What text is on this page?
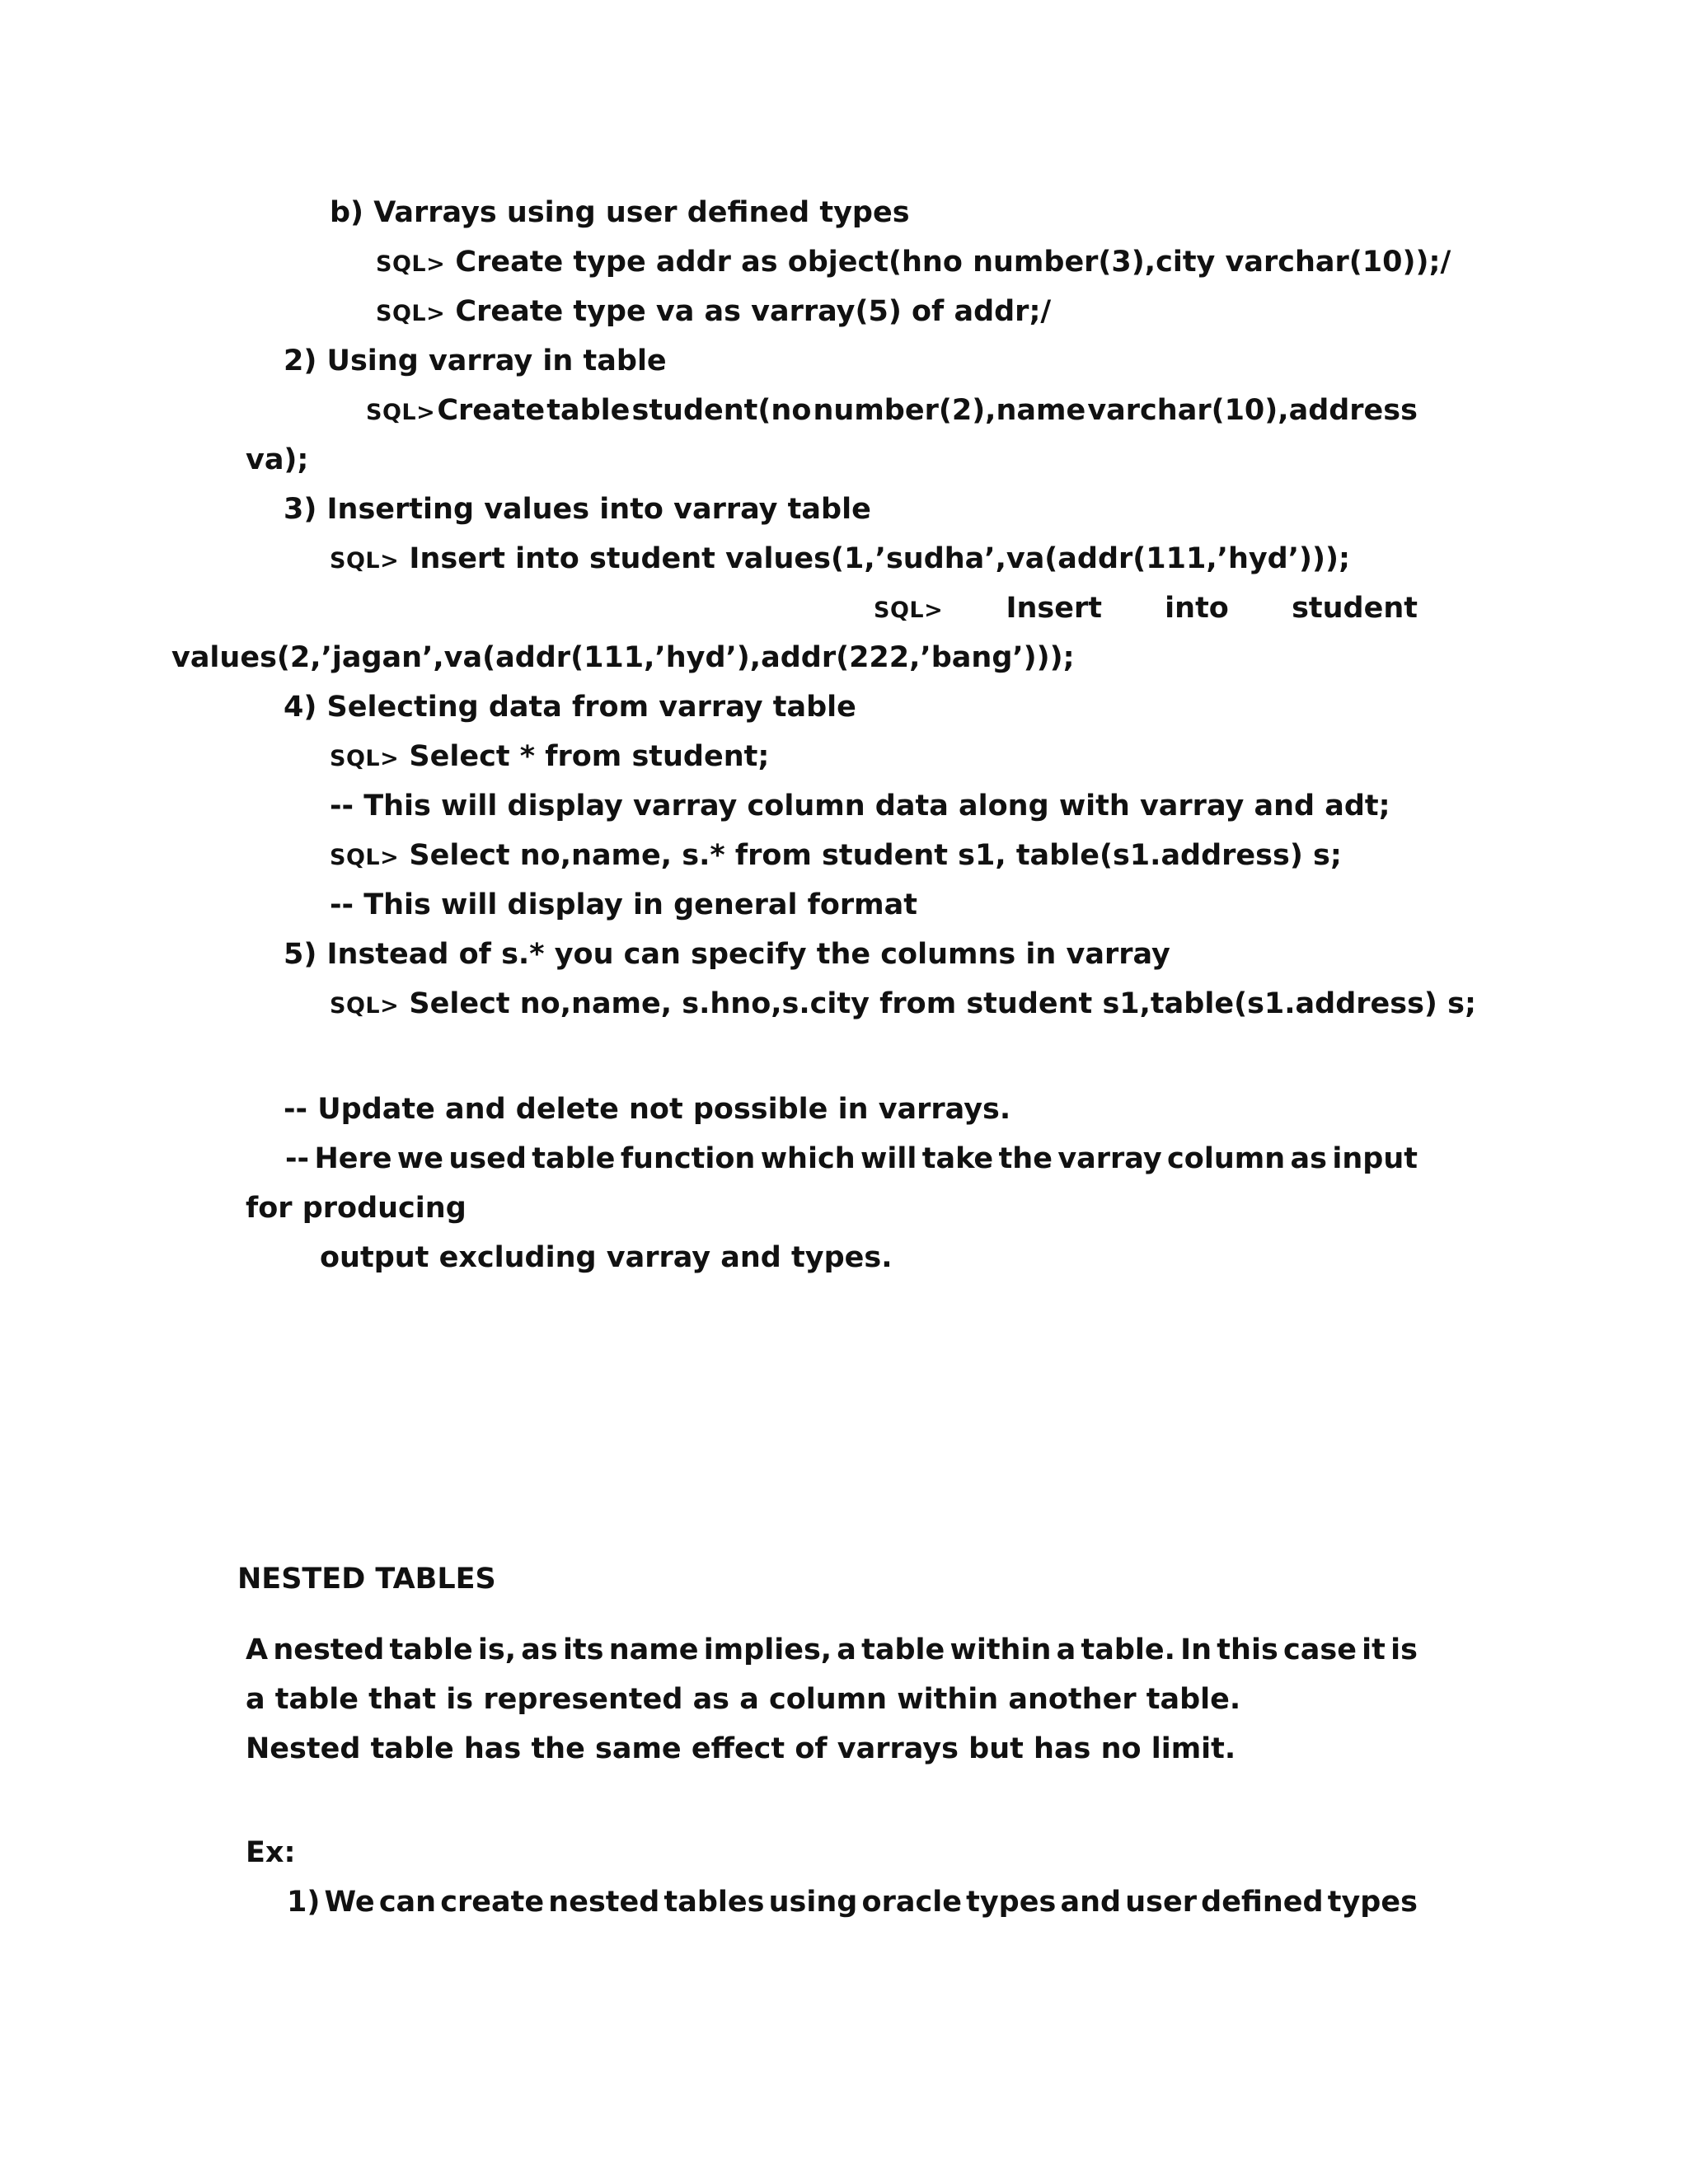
b) Varrays using user defined types

SQL> Create type addr as object(hno number(3),city varchar(10));/

SQL> Create type va as varray(5) of addr;/

2) Using varray in table

SQL> Create table student(no number(2),name varchar(10),address

va);

3) Inserting values into varray table

SQL> Insert into student values(1,’sudha’,va(addr(111,’hyd’)));

SQL> Insert into student

values(2,’jagan’,va(addr(111,’hyd’),addr(222,’bang’)));

4) Selecting data from varray table

SQL> Select * from student;

-- This will display varray column data along with varray and adt;

SQL> Select no,name, s.* from student s1, table(s1.address) s;

-- This will display in general format

5) Instead of s.* you can specify the columns in varray

SQL> Select no,name, s.hno,s.city from student s1,table(s1.address) s;

-- Update and delete not possible in varrays.

-- Here we used table function which will take the varray column as input

for producing

output excluding varray and types.

NESTED TABLES

A nested table is, as its name implies, a table within a table. In this case it is

a table that is represented as a column within another table.

Nested table has the same effect of varrays but has no limit.

Ex:

1) We can create nested tables using oracle types and user defined types
